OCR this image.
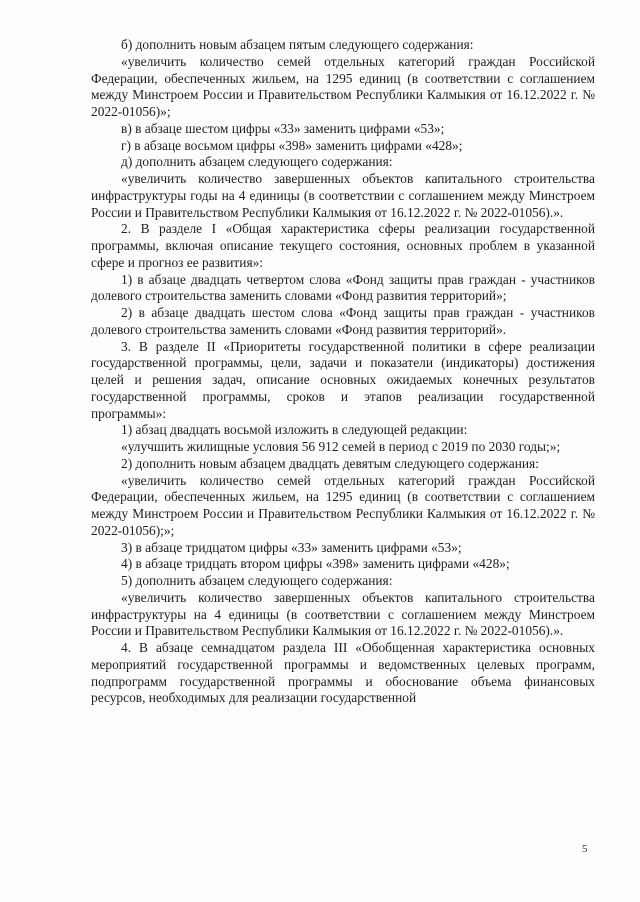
б) дополнить новым абзацем пятым следующего содержания:

«увеличить количество семей отдельных категорий граждан Российской Федерации, обеспеченных жильем, на 1295 единиц (в соответствии с соглашением между Минстроем России и Правительством Республики Калмыкия от 16.12.2022 г. № 2022-01056)»;

в) в абзаце шестом цифры «33» заменить цифрами «53»;

г) в абзаце восьмом цифры «398» заменить цифрами «428»;

д) дополнить абзацем следующего содержания:

«увеличить количество завершенных объектов капитального строительства инфраструктуры годы на 4 единицы (в соответствии с соглашением между Минстроем России и Правительством Республики Калмыкия от 16.12.2022 г. № 2022-01056).».

2. В разделе I «Общая характеристика сферы реализации государственной программы, включая описание текущего состояния, основных проблем в указанной сфере и прогноз ее развития»:

1) в абзаце двадцать четвертом слова «Фонд защиты прав граждан - участников долевого строительства заменить словами «Фонд развития территорий»;

2) в абзаце двадцать шестом слова «Фонд защиты прав граждан - участников долевого строительства заменить словами «Фонд развития территорий».

3. В разделе II «Приоритеты государственной политики в сфере реализации государственной программы, цели, задачи и показатели (индикаторы) достижения целей и решения задач, описание основных ожидаемых конечных результатов государственной программы, сроков и этапов реализации государственной программы»:

1) абзац двадцать восьмой изложить в следующей редакции:

«улучшить жилищные условия 56 912 семей в период с 2019 по 2030 годы;»;

2) дополнить новым абзацем двадцать девятым следующего содержания:

«увеличить количество семей отдельных категорий граждан Российской Федерации, обеспеченных жильем, на 1295 единиц (в соответствии с соглашением между Минстроем России и Правительством Республики Калмыкия от 16.12.2022 г. № 2022-01056);»;

3) в абзаце тридцатом цифры «33» заменить цифрами «53»;

4) в абзаце тридцать втором цифры «398» заменить цифрами «428»;

5) дополнить абзацем следующего содержания:

«увеличить количество завершенных объектов капитального строительства инфраструктуры на 4 единицы (в соответствии с соглашением между Минстроем России и Правительством Республики Калмыкия от 16.12.2022 г. № 2022-01056).».

4. В абзаце семнадцатом раздела III «Обобщенная характеристика основных мероприятий государственной программы и ведомственных целевых программ, подпрограмм государственной программы и обоснование объема финансовых ресурсов, необходимых для реализации государственной

5
